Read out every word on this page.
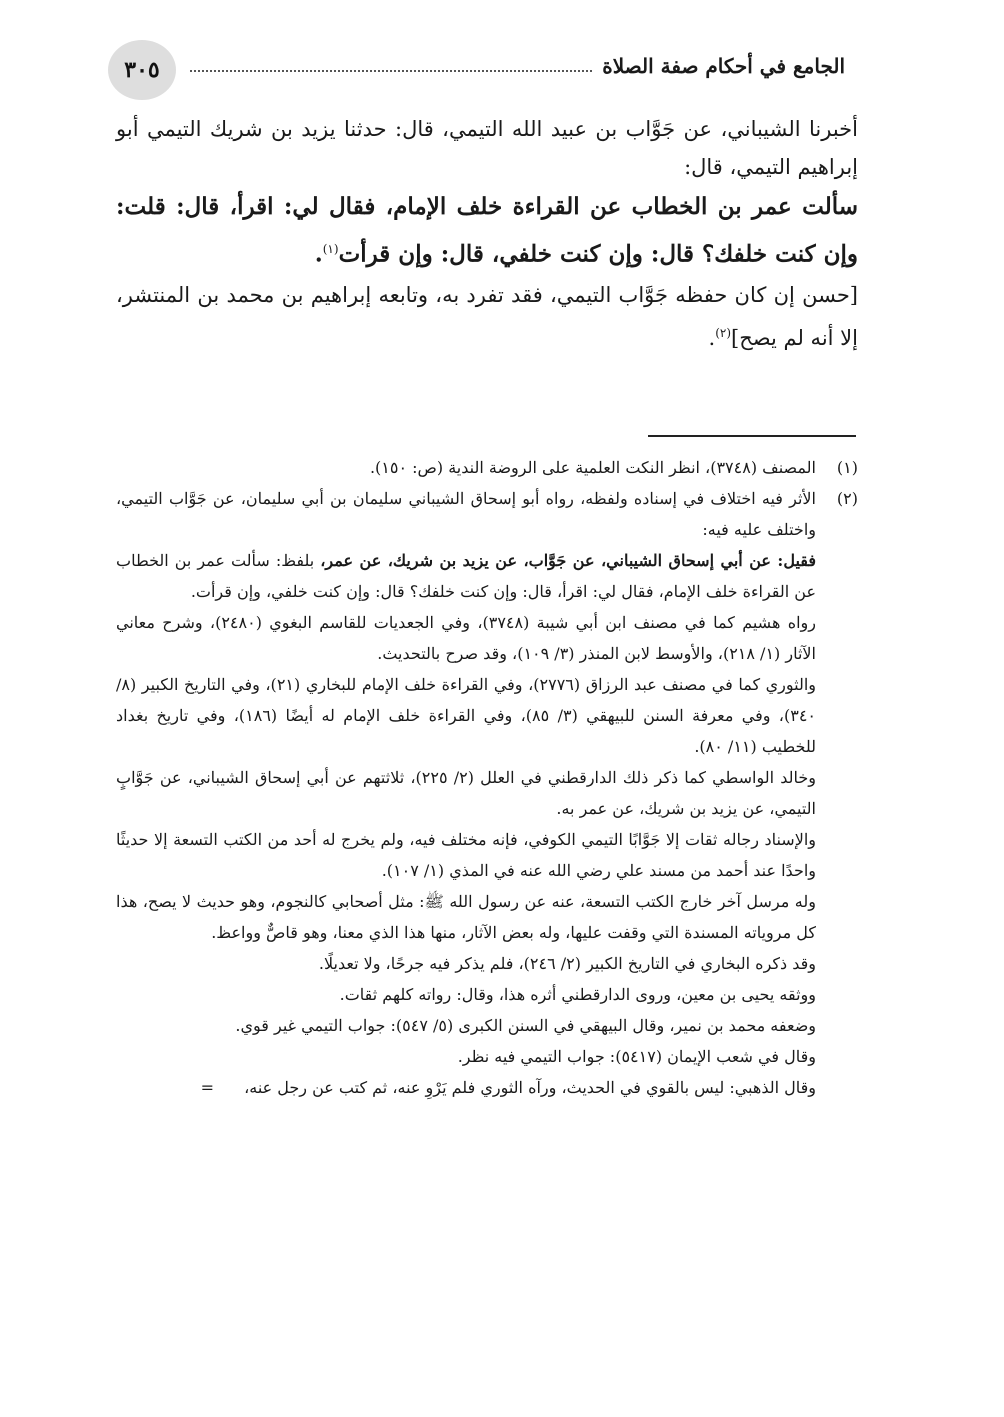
٣٠٥	الجامع في أحكام صفة الصلاة

أخبرنا الشيباني، عن جَوَّاب بن عبيد الله التيمي، قال: حدثنا يزيد بن شريك التيمي أبو إبراهيم التيمي، قال:

سألت عمر بن الخطاب عن القراءة خلف الإمام، فقال لي: اقرأ، قال: قلت: وإن كنت خلفك؟ قال: وإن كنت خلفي، قال: وإن قرأت$^{(١)}$.

[حسن إن كان حفظه جَوَّاب التيمي، فقد تفرد به، وتابعه إبراهيم بن محمد بن المنتشر، إلا أنه لم يصح]$^{(٢)}$.

(١)

المصنف (٣٧٤٨)، انظر النكت العلمية على الروضة الندية (ص: ١٥٠).

(٢)

الأثر فيه اختلاف في إسناده ولفظه، رواه أبو إسحاق الشيباني سليمان بن أبي سليمان، عن جَوَّاب التيمي، واختلف عليه فيه:

فقيل: عن أبي إسحاق الشيباني، عن جَوَّاب، عن يزيد بن شريك، عن عمر، بلفظ: سألت عمر بن الخطاب عن القراءة خلف الإمام، فقال لي: اقرأ، قال: وإن كنت خلفك؟ قال: وإن كنت خلفي، وإن قرأت.

رواه هشيم كما في مصنف ابن أبي شيبة (٣٧٤٨)، وفي الجعديات للقاسم البغوي (٢٤٨٠)، وشرح معاني الآثار (١/ ٢١٨)، والأوسط لابن المنذر (٣/ ١٠٩)، وقد صرح بالتحديث.

والثوري كما في مصنف عبد الرزاق (٢٧٧٦)، وفي القراءة خلف الإمام للبخاري (٢١)، وفي التاريخ الكبير (٨/ ٣٤٠)، وفي معرفة السنن للبيهقي (٣/ ٨٥)، وفي القراءة خلف الإمام له أيضًا (١٨٦)، وفي تاريخ بغداد للخطيب (١١/ ٨٠).

وخالد الواسطي كما ذكر ذلك الدارقطني في العلل (٢/ ٢٢٥)، ثلاثتهم عن أبي إسحاق الشيباني، عن جَوَّابٍ التيمي، عن يزيد بن شريك، عن عمر به.

والإسناد رجاله ثقات إلا جَوَّابًا التيمي الكوفي، فإنه مختلف فيه، ولم يخرج له أحد من الكتب التسعة إلا حديثًا واحدًا عند أحمد من مسند علي رضي الله عنه في المذي (١/ ١٠٧).

وله مرسل آخر خارج الكتب التسعة، عنه عن رسول الله ﷺ: مثل أصحابي كالنجوم، وهو حديث لا يصح، هذا كل مروياته المسندة التي وقفت عليها، وله بعض الآثار، منها هذا الذي معنا، وهو قاصٌّ وواعظ.

وقد ذكره البخاري في التاريخ الكبير (٢/ ٢٤٦)، فلم يذكر فيه جرحًا، ولا تعديلًا.

ووثقه يحيى بن معين، وروى الدارقطني أثره هذا، وقال: رواته كلهم ثقات.

وضعفه محمد بن نمير، وقال البيهقي في السنن الكبرى (٥/ ٥٤٧): جواب التيمي غير قوي.

وقال في شعب الإيمان (٥٤١٧): جواب التيمي فيه نظر.

وقال الذهبي: ليس بالقوي في الحديث، ورآه الثوري فلم يَرْوِ عنه، ثم كتب عن رجل عنه،=
